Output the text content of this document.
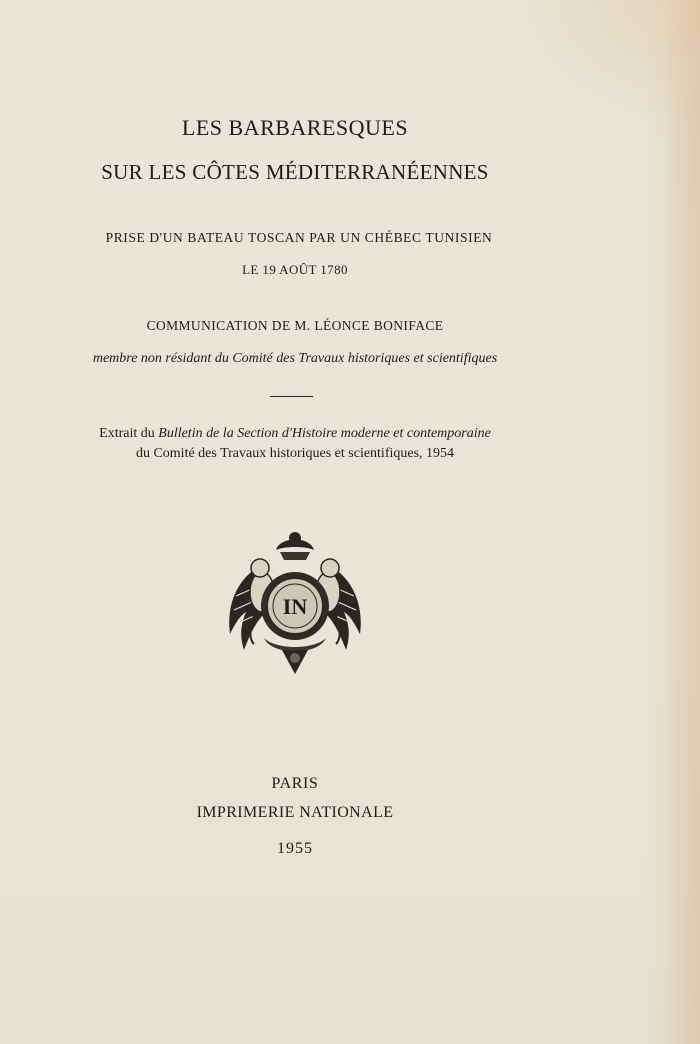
LES BARBARESQUES
SUR LES CÔTES MÉDITERRANÉENNES
PRISE D'UN BATEAU TOSCAN PAR UN CHÉBEC TUNISIEN
LE 19 AOÛT 1780
COMMUNICATION DE M. LÉONCE BONIFACE
membre non résidant du Comité des Travaux historiques et scientifiques
Extrait du Bulletin de la Section d'Histoire moderne et contemporaine
du Comité des Travaux historiques et scientifiques, 1954
IN
PARIS
IMPRIMERIE NATIONALE
1955
